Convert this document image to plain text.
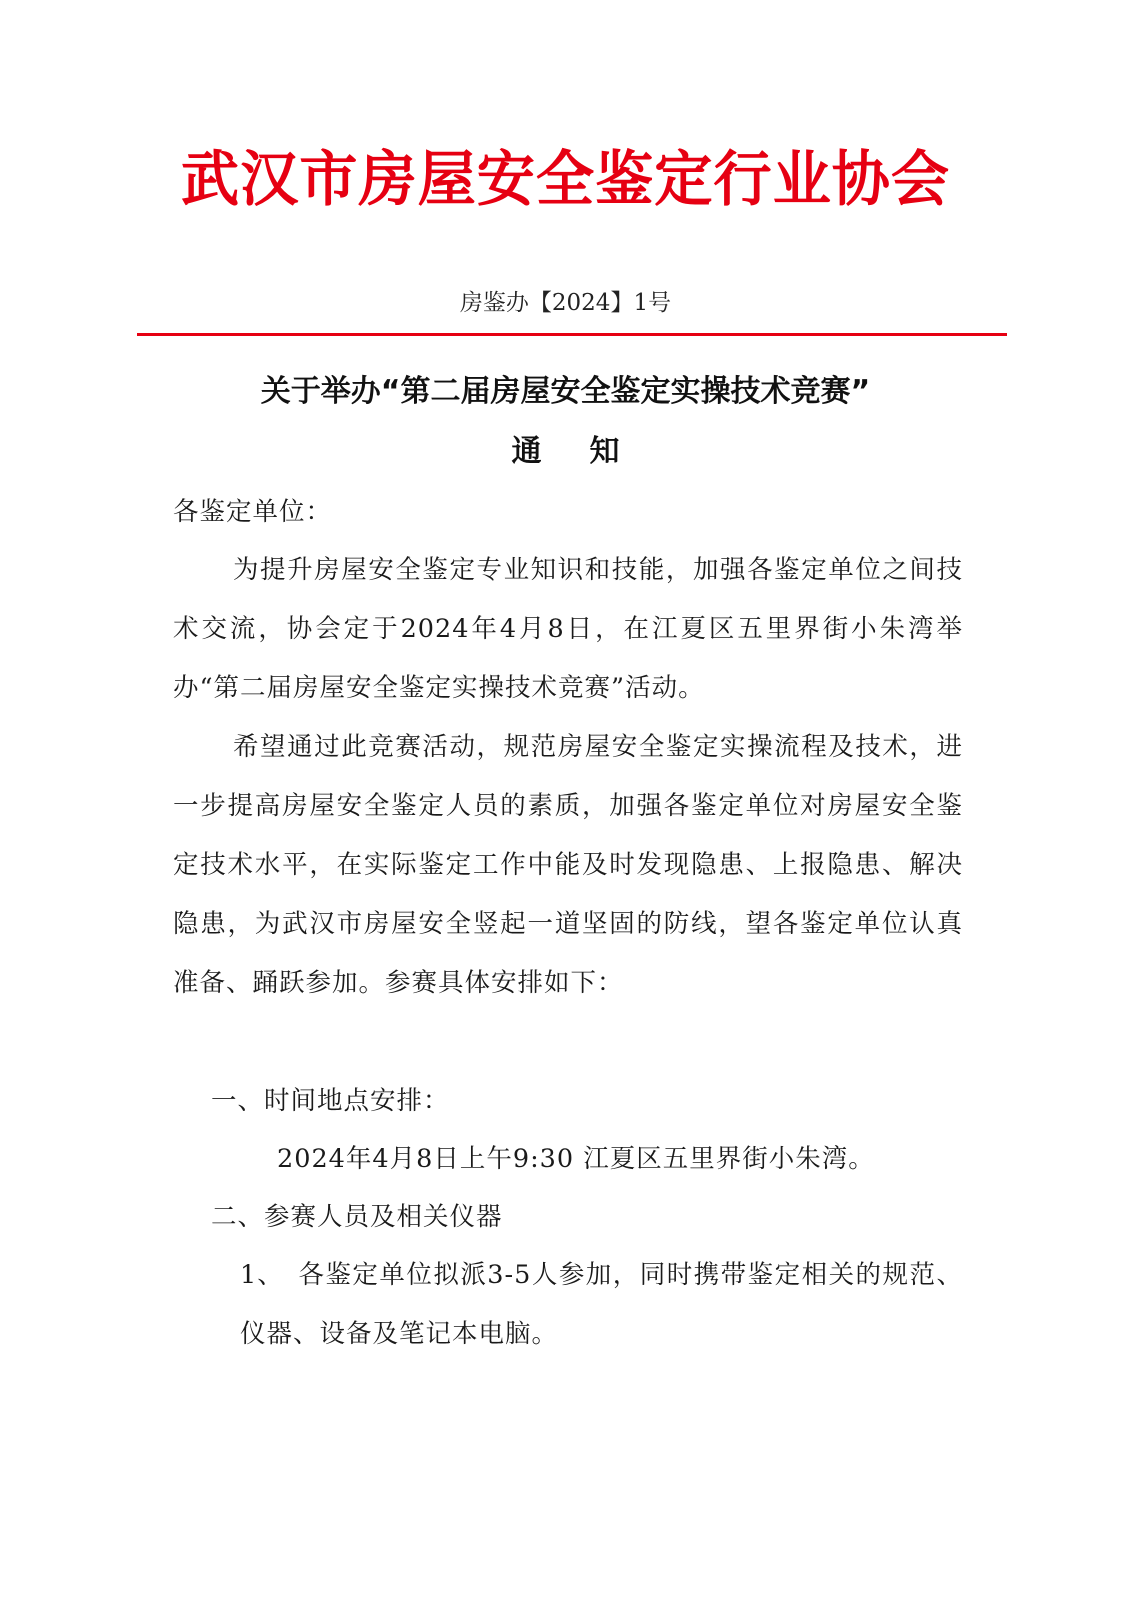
武汉市房屋安全鉴定行业协会
房鉴办【2024】1号
关于举办“第二届房屋安全鉴定实操技术竞赛”
通知
各鉴定单位：
为提升房屋安全鉴定专业知识和技能，加强各鉴定单位之间技术交流，协会定于2024年4月8日，在江夏区五里界街小朱湾举办“第二届房屋安全鉴定实操技术竞赛”活动。
希望通过此竞赛活动，规范房屋安全鉴定实操流程及技术，进一步提高房屋安全鉴定人员的素质，加强各鉴定单位对房屋安全鉴定技术水平，在实际鉴定工作中能及时发现隐患、上报隐患、解决隐患，为武汉市房屋安全竖起一道坚固的防线，望各鉴定单位认真准备、踊跃参加。参赛具体安排如下：
一、时间地点安排：
2024年4月8日上午9:30 江夏区五里界街小朱湾。
二、参赛人员及相关仪器
1、 各鉴定单位拟派3-5人参加，同时携带鉴定相关的规范、仪器、设备及笔记本电脑。
